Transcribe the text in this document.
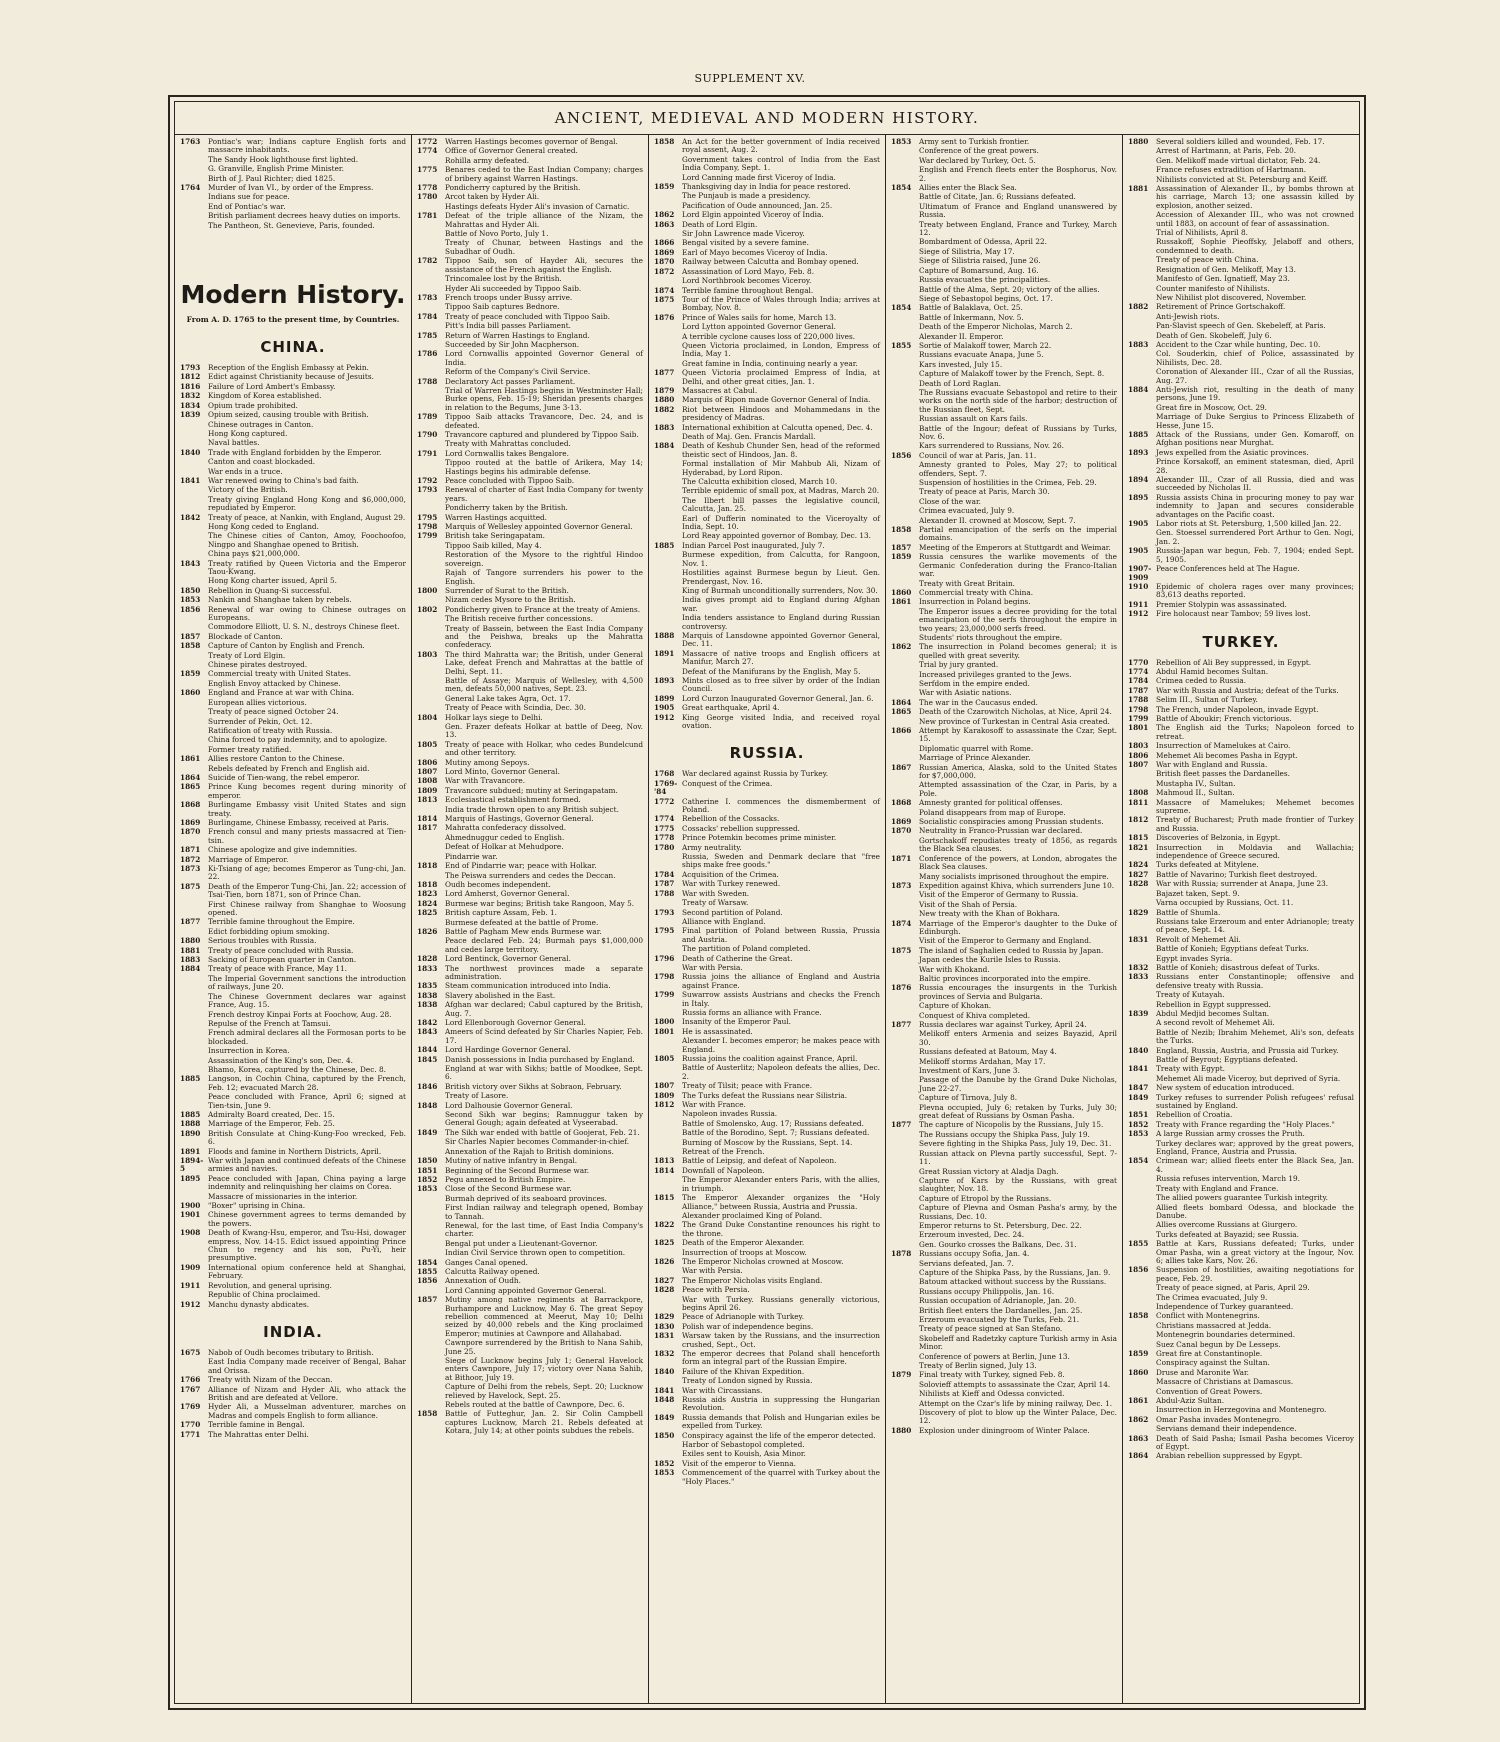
SUPPLEMENT XV.
ANCIENT, MEDIEVAL AND MODERN HISTORY.
1763	Pontiac's war; Indians capture English forts and massacre inhabitants.
The Sandy Hook lighthouse first lighted.
G. Granville, English Prime Minister.
Birth of J. Paul Richter; died 1825.
1764	Murder of Ivan VI., by order of the Empress.
Indians sue for peace.
End of Pontiac's war.
British parliament decrees heavy duties on imports.
The Pantheon, St. Genevieve, Paris, founded.
Modern History.
From A. D. 1765 to the present time, by Countries.
CHINA.
1793	Reception of the English Embassy at Pekin.
1812	Edict against Christianity because of Jesuits.
1816	Failure of Lord Ambert's Embassy.
1832	Kingdom of Korea established.
1834	Opium trade prohibited.
1839	Opium seized, causing trouble with British.
Chinese outrages in Canton.
Hong Kong captured.
Naval battles.
1840	Trade with England forbidden by the Emperor.
Canton and coast blockaded.
War ends in a truce.
1841	War renewed owing to China's bad faith.
Victory of the British.
Treaty giving England Hong Kong and $6,000,000, repudiated by Emperor.
1842	Treaty of peace, at Nankin, with England, August 29.
Hong Kong ceded to England.
The Chinese cities of Canton, Amoy, Foochoofoo, Ningpo and Shanghae opened to British.
China pays $21,000,000.
1843	Treaty ratified by Queen Victoria and the Emperor Taou-Kwang.
Hong Kong charter issued, April 5.
1850	Rebellion in Quang-Si successful.
1853	Nankin and Shanghae taken by rebels.
1856	Renewal of war owing to Chinese outrages on Europeans.
Commodore Elliott, U. S. N., destroys Chinese fleet.
1857	Blockade of Canton.
1858	Capture of Canton by English and French.
Treaty of Lord Elgin.
Chinese pirates destroyed.
1859	Commercial treaty with United States.
English Envoy attacked by Chinese.
1860	England and France at war with China.
European allies victorious.
Treaty of peace signed October 24.
Surrender of Pekin, Oct. 12.
Ratification of treaty with Russia.
China forced to pay indemnity, and to apologize.
Former treaty ratified.
1861	Allies restore Canton to the Chinese.
Rebels defeated by French and English aid.
1864	Suicide of Tien-wang, the rebel emperor.
1865	Prince Kung becomes regent during minority of emperor.
1868	Burlingame Embassy visit United States and sign treaty.
1869	Burlingame, Chinese Embassy, received at Paris.
1870	French consul and many priests massacred at Tien-tsin.
1871	Chinese apologize and give indemnities.
1872	Marriage of Emperor.
1873	Ki-Tsiang of age; becomes Emperor as Tung-chi, Jan. 22.
1875	Death of the Emperor Tung-Chi, Jan. 22; accession of Tsai-Tien, born 1871, son of Prince Chan.
First Chinese railway from Shanghae to Woosung opened.
1877	Terrible famine throughout the Empire.
Edict forbidding opium smoking.
1880	Serious troubles with Russia.
1881	Treaty of peace concluded with Russia.
1883	Sacking of European quarter in Canton.
1884	Treaty of peace with France, May 11.
The Imperial Government sanctions the introduction of railways, June 20.
The Chinese Government declares war against France, Aug. 15.
French destroy Kinpai Forts at Foochow, Aug. 28.
Repulse of the French at Tamsui.
French admiral declares all the Formosan ports to be blockaded.
Insurrection in Korea.
Assassination of the King's son, Dec. 4.
Bhamo, Korea, captured by the Chinese, Dec. 8.
1885	Langson, in Cochin China, captured by the French, Feb. 12; evacuated March 28.
Peace concluded with France, April 6; signed at Tien-tsin, June 9.
1885	Admiralty Board created, Dec. 15.
1888	Marriage of the Emperor, Feb. 25.
1890	British Consulate at Ching-Kung-Foo wrecked, Feb. 6.
1891	Floods and famine in Northern Districts, April.
1894-5
War with Japan and continued defeats of the Chinese armies and navies.
1895	Peace concluded with Japan, China paying a large indemnity and relinquishing her claims on Corea.
Massacre of missionaries in the interior.
1900	"Boxer" uprising in China.
1901	Chinese government agrees to terms demanded by the powers.
1908	Death of Kwang-Hsu, emperor, and Tsu-Hsi, dowager empress, Nov. 14-15. Edict issued appointing Prince Chun to regency and his son, Pu-Yi, heir presumptive.
1909	International opium conference held at Shanghai, February.
1911	Revolution, and general uprising.
Republic of China proclaimed.
1912	Manchu dynasty abdicates.
INDIA.
1675	Nabob of Oudh becomes tributary to British.
East India Company made receiver of Bengal, Bahar and Orissa.
1766	Treaty with Nizam of the Deccan.
1767	Alliance of Nizam and Hyder Ali, who attack the British and are defeated at Vellore.
1769	Hyder Ali, a Musselman adventurer, marches on Madras and compels English to form alliance.
1770	Terrible famine in Bengal.
1771	The Mahrattas enter Delhi.
1772	Warren Hastings becomes governor of Bengal.
1774	Office of Governor General created.
Rohilla army defeated.
1775	Benares ceded to the East Indian Company; charges of bribery against Warren Hastings.
1778	Pondicherry captured by the British.
1780	Arcot taken by Hyder Ali.
Hastings defeats Hyder Ali's invasion of Carnatic.
1781	Defeat of the triple alliance of the Nizam, the Mahrattas and Hyder Ali.
Battle of Novo Porto, July 1.
Treaty of Chunar, between Hastings and the Subadhar of Oudh.
1782	Tippoo Saib, son of Hayder Ali, secures the assistance of the French against the English.
Trincomalee lost by the British.
Hyder Ali succeeded by Tippoo Saib.
1783	French troops under Bussy arrive.
Tippoo Saib captures Bednore.
1784	Treaty of peace concluded with Tippoo Saib.
Pitt's India bill passes Parliament.
1785	Return of Warren Hastings to England.
Succeeded by Sir John Macpherson.
1786	Lord Cornwallis appointed Governor General of India.
Reform of the Company's Civil Service.
1788	Declaratory Act passes Parliament.
Trial of Warren Hastings begins in Westminster Hall; Burke opens, Feb. 15-19; Sheridan presents charges in relation to the Begums, June 3-13.
1789	Tippoo Saib attacks Travancore, Dec. 24, and is defeated.
1790	Travancore captured and plundered by Tippoo Saib.
Treaty with Mahrattas concluded.
1791	Lord Cornwallis takes Bengalore.
Tippoo routed at the battle of Arikera, May 14; Hastings begins his admirable defense.
1792	Peace concluded with Tippoo Saib.
1793	Renewal of charter of East India Company for twenty years.
Pondicherry taken by the British.
1795	Warren Hastings acquitted.
1798	Marquis of Wellesley appointed Governor General.
1799	British take Seringapatam.
Tippoo Saib killed, May 4.
Restoration of the Mysore to the rightful Hindoo sovereign.
Rajah of Tangore surrenders his power to the English.
1800	Surrender of Surat to the British.
Nizam cedes Mysore to the British.
1802	Pondicherry given to France at the treaty of Amiens.
The British receive further concessions.
Treaty of Bassein, between the East India Company and the Peishwa, breaks up the Mahratta confederacy.
1803	The third Mahratta war; the British, under General Lake, defeat French and Mahrattas at the battle of Delhi, Sept. 11.
Battle of Assaye; Marquis of Wellesley, with 4,500 men, defeats 50,000 natives, Sept. 23.
General Lake takes Agra, Oct. 17.
Treaty of Peace with Scindia, Dec. 30.
1804	Holkar lays siege to Delhi.
Gen. Frazer defeats Holkar at battle of Deeg, Nov. 13.
1805	Treaty of peace with Holkar, who cedes Bundelcund and other territory.
1806	Mutiny among Sepoys.
1807	Lord Minto, Governor General.
1808	War with Travancore.
1809	Travancore subdued; mutiny at Seringapatam.
1813	Ecclesiastical establishment formed.
India trade thrown open to any British subject.
1814	Marquis of Hastings, Governor General.
1817	Mahratta confederacy dissolved.
Ahmednuggur ceded to English.
Defeat of Holkar at Mehudpore.
Pindarrie war.
1818	End of Pindarrie war; peace with Holkar.
The Peiswa surrenders and cedes the Deccan.
1818	Oudh becomes independent.
1823	Lord Amherst, Governor General.
1824	Burmese war begins; British take Rangoon, May 5.
1825	British capture Assam, Feb. 1.
Burmese defeated at the battle of Prome.
1826	Battle of Pagham Mew ends Burmese war.
Peace declared Feb. 24; Burmah pays $1,000,000 and cedes large territory.
1828	Lord Bentinck, Governor General.
1833	The northwest provinces made a separate administration.
1835	Steam communication introduced into India.
1838	Slavery abolished in the East.
1838	Afghan war declared; Cabul captured by the British, Aug. 7.
1842	Lord Ellenborough Governor General.
1843	Ameers of Scind defeated by Sir Charles Napier, Feb. 17.
1844	Lord Hardinge Governor General.
1845	Danish possessions in India purchased by England.
England at war with Sikhs; battle of Moodkee, Sept. 6.
1846	British victory over Sikhs at Sobraon, February.
Treaty of Lasore.
1848	Lord Dalhousie Governor General.
Second Sikh war begins; Ramnuggur taken by General Gough; again defeated at Vyseerabad.
1849	The Sikh war ended with battle of Goojerat, Feb. 21.
Sir Charles Napier becomes Commander-in-chief.
Annexation of the Rajah to British dominions.
1850	Mutiny of native infantry in Bengal.
1851	Beginning of the Second Burmese war.
1852	Pegu annexed to British Empire.
1853	Close of the Second Burmese war.
Burmah deprived of its seaboard provinces.
First Indian railway and telegraph opened, Bombay to Tannah.
Renewal, for the last time, of East India Company's charter.
Bengal put under a Lieutenant-Governor.
Indian Civil Service thrown open to competition.
1854	Ganges Canal opened.
1855	Calcutta Railway opened.
1856	Annexation of Oudh.
Lord Canning appointed Governor General.
1857	Mutiny among native regiments at Barrackpore, Burhampore and Lucknow, May 6. The great Sepoy rebellion commenced at Meerut, May 10; Delhi seized by 40,000 rebels and the King proclaimed Emperor; mutinies at Cawnpore and Allahabad.
Cawnpore surrendered by the British to Nana Sahib, June 25.
Siege of Lucknow begins July 1; General Havelock enters Cawnpore, July 17; victory over Nana Sahib, at Bithoor, July 19.
Capture of Delhi from the rebels, Sept. 20; Lucknow relieved by Havelock, Sept. 25.
Rebels routed at the battle of Cawnpore, Dec. 6.
1858	Battle of Futteghur, Jan. 2. Sir Colin Campbell captures Lucknow, March 21. Rebels defeated at Kotara, July 14; at other points subdues the rebels.
1858	An Act for the better government of India received royal assent, Aug. 2.
Government takes control of India from the East India Company, Sept. 1.
Lord Canning made first Viceroy of India.
1859	Thanksgiving day in India for peace restored.
The Punjaub is made a presidency.
Pacification of Oude announced, Jan. 25.
1862	Lord Elgin appointed Viceroy of India.
1863	Death of Lord Elgin.
Sir John Lawrence made Viceroy.
1866	Bengal visited by a severe famine.
1869	Earl of Mayo becomes Viceroy of India.
1870	Railway between Calcutta and Bombay opened.
1872	Assassination of Lord Mayo, Feb. 8.
Lord Northbrook becomes Viceroy.
1874	Terrible famine throughout Bengal.
1875	Tour of the Prince of Wales through India; arrives at Bombay, Nov. 8.
1876	Prince of Wales sails for home, March 13.
Lord Lytton appointed Governor General.
A terrible cyclone causes loss of 220,000 lives.
Queen Victoria proclaimed, in London, Empress of India, May 1.
Great famine in India, continuing nearly a year.
1877	Queen Victoria proclaimed Empress of India, at Delhi, and other great cities, Jan. 1.
1879	Massacres at Cabul.
1880	Marquis of Ripon made Governor General of India.
1882	Riot between Hindoos and Mohammedans in the presidency of Madras.
1883	International exhibition at Calcutta opened, Dec. 4.
Death of Maj. Gen. Francis Mardall.
1884	Death of Keshub Chunder Sen, head of the reformed theistic sect of Hindoos, Jan. 8.
Formal installation of Mir Mahbub Ali, Nizam of Hyderabad, by Lord Ripon.
The Calcutta exhibition closed, March 10.
Terrible epidemic of small pox, at Madras, March 20.
The Ilbert bill passes the legislative council, Calcutta, Jan. 25.
Earl of Dufferin nominated to the Viceroyalty of India, Sept. 10.
Lord Reay appointed governor of Bombay, Dec. 13.
1885	Indian Parcel Post inaugurated, July 7.
Burmese expedition, from Calcutta, for Rangoon, Nov. 1.
Hostilities against Burmese begun by Lieut. Gen. Prendergast, Nov. 16.
King of Burmah unconditionally surrenders, Nov. 30.
India gives prompt aid to England during Afghan war.
India tenders assistance to England during Russian controversy.
1888	Marquis of Lansdowne appointed Governor General, Dec. 11.
1891	Massacre of native troops and English officers at Manifur, March 27.
Defeat of the Manifurans by the English, May 5.
1893	Mints closed as to free silver by order of the Indian Council.
1899	Lord Curzon Inaugurated Governor General, Jan. 6.
1905	Great earthquake, April 4.
1912	King George visited India, and received royal ovation.
RUSSIA.
1768	War declared against Russia by Turkey.
1769-'84
Conquest of the Crimea.
1772	Catherine I. commences the dismemberment of Poland.
1774	Rebellion of the Cossacks.
1775	Cossacks' rebellion suppressed.
1778	Prince Potemkin becomes prime minister.
1780	Army neutrality.
Russia, Sweden and Denmark declare that "free ships make free goods."
1784	Acquisition of the Crimea.
1787	War with Turkey renewed.
1788	War with Sweden.
Treaty of Warsaw.
1793	Second partition of Poland.
Alliance with England.
1795	Final partition of Poland between Russia, Prussia and Austria.
The partition of Poland completed.
1796	Death of Catherine the Great.
War with Persia.
1798	Russia joins the alliance of England and Austria against France.
1799	Suwarrow assists Austrians and checks the French in Italy.
Russia forms an alliance with France.
1800	Insanity of the Emperor Paul.
1801	He is assassinated.
Alexander I. becomes emperor; he makes peace with England.
1805	Russia joins the coalition against France, April.
Battle of Austerlitz; Napoleon defeats the allies, Dec. 2.
1807	Treaty of Tilsit; peace with France.
1809	The Turks defeat the Russians near Silistria.
1812	War with France.
Napoleon invades Russia.
Battle of Smolensko, Aug. 17; Russians defeated.
Battle of the Borodino, Sept. 7; Russians defeated.
Burning of Moscow by the Russians, Sept. 14.
Retreat of the French.
1813	Battle of Leipsig, and defeat of Napoleon.
1814	Downfall of Napoleon.
The Emperor Alexander enters Paris, with the allies, in triumph.
1815	The Emperor Alexander organizes the "Holy Alliance," between Russia, Austria and Prussia.
Alexander proclaimed King of Poland.
1822	The Grand Duke Constantine renounces his right to the throne.
1825	Death of the Emperor Alexander.
Insurrection of troops at Moscow.
1826	The Emperor Nicholas crowned at Moscow.
War with Persia.
1827	The Emperor Nicholas visits England.
1828	Peace with Persia.
War with Turkey. Russians generally victorious, begins April 26.
1829	Peace of Adrianople with Turkey.
1830	Polish war of independence begins.
1831	Warsaw taken by the Russians, and the insurrection crushed, Sept., Oct.
1832	The emperor decrees that Poland shall henceforth form an integral part of the Russian Empire.
1840	Failure of the Khivan Expedition.
Treaty of London signed by Russia.
1841	War with Circassians.
1848	Russia aids Austria in suppressing the Hungarian Revolution.
1849	Russia demands that Polish and Hungarian exiles be expelled from Turkey.
1850	Conspiracy against the life of the emperor detected.
Harbor of Sebastopol completed.
Exiles sent to Kouish, Asia Minor.
1852	Visit of the emperor to Vienna.
1853	Commencement of the quarrel with Turkey about the "Holy Places."
1853	Army sent to Turkish frontier.
Conference of the great powers.
War declared by Turkey, Oct. 5.
English and French fleets enter the Bosphorus, Nov. 2.
1854	Allies enter the Black Sea.
Battle of Citate, Jan. 6; Russians defeated.
Ultimatum of France and England unanswered by Russia.
Treaty between England, France and Turkey, March 12.
Bombardment of Odessa, April 22.
Siege of Silistria, May 17.
Siege of Silistria raised, June 26.
Capture of Bomarsund, Aug. 16.
Russia evacuates the principalities.
Battle of the Alma, Sept. 20; victory of the allies.
Siege of Sebastopol begins, Oct. 17.
1854	Battle of Balaklava, Oct. 25.
Battle of Inkermann, Nov. 5.
Death of the Emperor Nicholas, March 2.
Alexander II. Emperor.
1855	Sortie of Malakoff tower, March 22.
Russians evacuate Anapa, June 5.
Kars invested, July 15.
Capture of Malakoff tower by the French, Sept. 8.
Death of Lord Raglan.
The Russians evacuate Sebastopol and retire to their works on the north side of the harbor; destruction of the Russian fleet, Sept.
Russian assault on Kars fails.
Battle of the Ingour; defeat of Russians by Turks, Nov. 6.
Kars surrendered to Russians, Nov. 26.
1856	Council of war at Paris, Jan. 11.
Amnesty granted to Poles, May 27; to political offenders, Sept. 7.
Suspension of hostilities in the Crimea, Feb. 29.
Treaty of peace at Paris, March 30.
Close of the war.
Crimea evacuated, July 9.
Alexander II. crowned at Moscow, Sept. 7.
1858	Partial emancipation of the serfs on the imperial domains.
1857	Meeting of the Emperors at Stuttgardt and Weimar.
1859	Russia censures the warlike movements of the Germanic Confederation during the Franco-Italian war.
Treaty with Great Britain.
1860	Commercial treaty with China.
1861	Insurrection in Poland begins.
The Emperor issues a decree providing for the total emancipation of the serfs throughout the empire in two years; 23,000,000 serfs freed.
Students' riots throughout the empire.
1862	The insurrection in Poland becomes general; it is quelled with great severity.
Trial by jury granted.
Increased privileges granted to the Jews.
Serfdom in the empire ended.
War with Asiatic nations.
1864	The war in the Caucasus ended.
1865	Death of the Czarowitch Nicholas, at Nice, April 24.
New province of Turkestan in Central Asia created.
1866	Attempt by Karakosoff to assassinate the Czar, Sept. 15.
Diplomatic quarrel with Rome.
Marriage of Prince Alexander.
1867	Russian America, Alaska, sold to the United States for $7,000,000.
Attempted assassination of the Czar, in Paris, by a Pole.
1868	Amnesty granted for political offenses.
Poland disappears from map of Europe.
1869	Socialistic conspiracies among Prussian students.
1870	Neutrality in Franco-Prussian war declared.
Gortschakoff repudiates treaty of 1856, as regards the Black Sea clauses.
1871	Conference of the powers, at London, abrogates the Black Sea clauses.
Many socialists imprisoned throughout the empire.
1873	Expedition against Khiva, which surrenders June 10.
Visit of the Emperor of Germany to Russia.
Visit of the Shah of Persia.
New treaty with the Khan of Bokhara.
1874	Marriage of the Emperor's daughter to the Duke of Edinburgh.
Visit of the Emperor to Germany and England.
1875	The island of Saghalien ceded to Russia by Japan.
Japan cedes the Kurile Isles to Russia.
War with Khokand.
Baltic provinces incorporated into the empire.
1876	Russia encourages the insurgents in the Turkish provinces of Servia and Bulgaria.
Capture of Khokan.
Conquest of Khiva completed.
1877	Russia declares war against Turkey, April 24.
Melikoff enters Armenia and seizes Bayazid, April 30.
Russians defeated at Batoum, May 4.
Melikoff storms Ardahan, May 17.
Investment of Kars, June 3.
Passage of the Danube by the Grand Duke Nicholas, June 22-27.
Capture of Tirnova, July 8.
Plevna occupied, July 6; retaken by Turks, July 30; great defeat of Russians by Osman Pasha.
1877	The capture of Nicopolis by the Russians, July 15.
The Russians occupy the Shipka Pass, July 19.
Severe fighting in the Shipka Pass, July 19, Dec. 31.
Russian attack on Plevna partly successful, Sept. 7-11.
Great Russian victory at Aladja Dagh.
Capture of Kars by the Russians, with great slaughter, Nov. 18.
Capture of Etropol by the Russians.
Capture of Plevna and Osman Pasha's army, by the Russians, Dec. 10.
Emperor returns to St. Petersburg, Dec. 22.
Erzeroum invested, Dec. 24.
Gen. Gourko crosses the Balkans, Dec. 31.
1878	Russians occupy Sofia, Jan. 4.
Servians defeated, Jan. 7.
Capture of the Shipka Pass, by the Russians, Jan. 9.
Batoum attacked without success by the Russians.
Russians occupy Philippolis, Jan. 16.
Russian occupation of Adrianople, Jan. 20.
British fleet enters the Dardanelles, Jan. 25.
Erzeroum evacuated by the Turks, Feb. 21.
Treaty of peace signed at San Stefano.
Skobeleff and Radetzky capture Turkish army in Asia Minor.
Conference of powers at Berlin, June 13.
Treaty of Berlin signed, July 13.
1879	Final treaty with Turkey, signed Feb. 8.
Solovieff attempts to assassinate the Czar, April 14.
Nihilists at Kieff and Odessa convicted.
Attempt on the Czar's life by mining railway, Dec. 1.
Discovery of plot to blow up the Winter Palace, Dec. 12.
1880	Explosion under diningroom of Winter Palace.
1880	Several soldiers killed and wounded, Feb. 17.
Arrest of Hartmann, at Paris, Feb. 20.
Gen. Melikoff made virtual dictator, Feb. 24.
France refuses extradition of Hartmann.
Nihilists convicted at St. Petersburg and Keiff.
1881	Assassination of Alexander II., by bombs thrown at his carriage, March 13; one assassin killed by explosion, another seized.
Accession of Alexander III., who was not crowned until 1883, on account of fear of assassination.
Trial of Nihilists, April 8.
Russakoff, Sophie Pieoffsky, Jelaboff and others, condemned to death.
Treaty of peace with China.
Resignation of Gen. Melikoff, May 13.
Manifesto of Gen. Ignatieff, May 23.
Counter manifesto of Nihilists.
New Nihilist plot discovered, November.
1882	Retirement of Prince Gortschakoff.
Anti-Jewish riots.
Pan-Slavist speech of Gen. Skebeleff, at Paris.
Death of Gen. Skobeleff, July 6.
1883	Accident to the Czar while hunting, Dec. 10.
Col. Souderkin, chief of Police, assassinated by Nihilists, Dec. 28.
Coronation of Alexander III., Czar of all the Russias, Aug. 27.
1884	Anti-Jewish riot, resulting in the death of many persons, June 19.
Great fire in Moscow, Oct. 29.
Marriage of Duke Sergius to Princess Elizabeth of Hesse, June 15.
1885	Attack of the Russians, under Gen. Komaroff, on Afghan positions near Murghat.
1893	Jews expelled from the Asiatic provinces.
Prince Korsakoff, an eminent statesman, died, April 28.
1894	Alexander III., Czar of all Russia, died and was succeeded by Nicholas II.
1895	Russia assists China in procuring money to pay war indemnity to Japan and secures considerable advantages on the Pacific coast.
1905	Labor riots at St. Petersburg, 1,500 killed Jan. 22.
Gen. Stoessel surrendered Port Arthur to Gen. Nogi, Jan. 2.
1905	Russia-Japan war begun, Feb. 7, 1904; ended Sept. 5, 1905.
1907-1909
Peace Conferences held at The Hague.
1910	Epidemic of cholera rages over many provinces; 83,613 deaths reported.
1911	Premier Stolypin was assassinated.
1912	Fire holocaust near Tambov; 59 lives lost.
TURKEY.
1770	Rebellion of Ali Bey suppressed, in Egypt.
1774	Abdul Hamid becomes Sultan.
1784	Crimea ceded to Russia.
1787	War with Russia and Austria; defeat of the Turks.
1788	Selim III., Sultan of Turkey.
1798	The French, under Napoleon, invade Egypt.
1799	Battle of Aboukir; French victorious.
1801	The English aid the Turks; Napoleon forced to retreat.
1803	Insurrection of Mamelukes at Cairo.
1806	Mehemet Ali becomes Pasha in Egypt.
1807	War with England and Russia.
British fleet passes the Dardanelles.
Mustapha IV., Sultan.
1808	Mahmoud II., Sultan.
1811	Massacre of Mamelukes; Mehemet becomes supreme.
1812	Treaty of Bucharest; Pruth made frontier of Turkey and Russia.
1815	Discoveries of Belzonia, in Egypt.
1821	Insurrection in Moldavia and Wallachia; independence of Greece secured.
1824	Turks defeated at Mitylene.
1827	Battle of Navarino; Turkish fleet destroyed.
1828	War with Russia; surrender at Anapa, June 23.
Bajazet taken, Sept. 9.
Varna occupied by Russians, Oct. 11.
1829	Battle of Shumla.
Russians take Erzeroum and enter Adrianople; treaty of peace, Sept. 14.
1831	Revolt of Mehemet Ali.
Battle of Konieh; Egyptians defeat Turks.
Egypt invades Syria.
1832	Battle of Konieh; disastrous defeat of Turks.
1833	Russians enter Constantinople; offensive and defensive treaty with Russia.
Treaty of Kutayah.
Rebellion in Egypt suppressed.
1839	Abdul Medjid becomes Sultan.
A second revolt of Mehemet Ali.
Battle of Nezib; Ibrahim Mehemet, Ali's son, defeats the Turks.
1840	England, Russia, Austria, and Prussia aid Turkey.
Battle of Beyrout; Egyptians defeated.
1841	Treaty with Egypt.
Mehemet Ali made Viceroy, but deprived of Syria.
1847	New system of education introduced.
1849	Turkey refuses to surrender Polish refugees' refusal sustained by England.
1851	Rebellion of Croatia.
1852	Treaty with France regarding the "Holy Places."
1853	A large Russian army crosses the Pruth.
Turkey declares war; approved by the great powers, England, France, Austria and Prussia.
1854	Crimean war; allied fleets enter the Black Sea, Jan. 4.
Russia refuses intervention, March 19.
Treaty with England and France.
The allied powers guarantee Turkish integrity.
Allied fleets bombard Odessa, and blockade the Danube.
Allies overcome Russians at Giurgero.
Turks defeated at Bayazid; see Russia.
1855	Battle at Kars, Russians defeated; Turks, under Omar Pasha, win a great victory at the Ingour, Nov. 6; allies take Kars, Nov. 26.
1856	Suspension of hostilities, awaiting negotiations for peace, Feb. 29.
Treaty of peace signed, at Paris, April 29.
The Crimea evacuated, July 9.
Independence of Turkey guaranteed.
1858	Conflict with Montenegrins.
Christians massacred at Jedda.
Montenegrin boundaries determined.
Suez Canal begun by De Lesseps.
1859	Great fire at Constantinople.
Conspiracy against the Sultan.
1860	Druse and Maronite War.
Massacre of Christians at Damascus.
Convention of Great Powers.
1861	Abdul-Aziz Sultan.
Insurrection in Herzegovina and Montenegro.
1862	Omar Pasha invades Montenegro.
Servians demand their independence.
1863	Death of Said Pasha; Ismail Pasha becomes Viceroy of Egypt.
1864	Arabian rebellion suppressed by Egypt.
